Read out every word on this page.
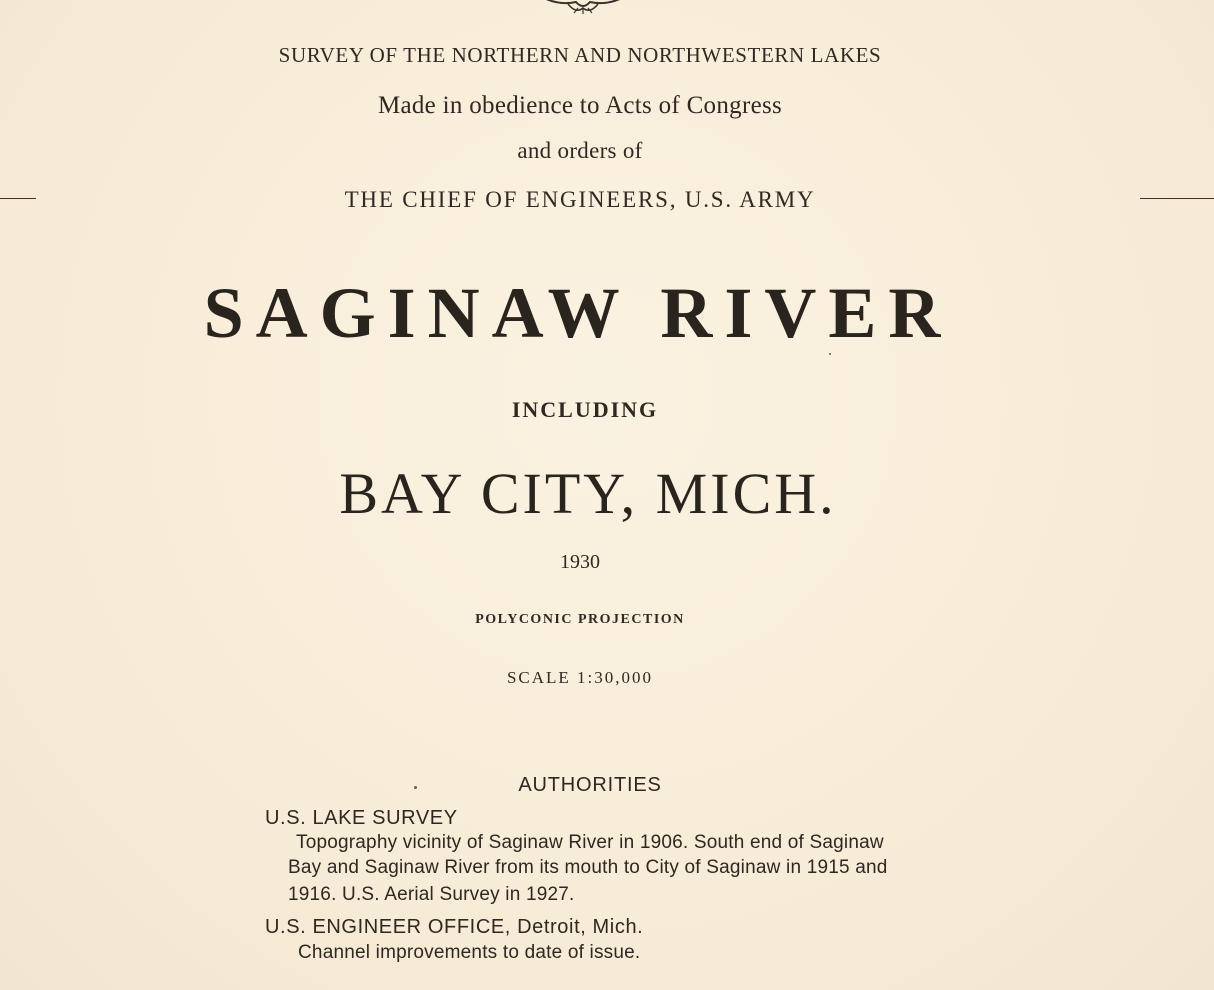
SURVEY OF THE NORTHERN AND NORTHWESTERN LAKES
Made in obedience to Acts of Congress
and orders of
THE CHIEF OF ENGINEERS, U.S. ARMY
SAGINAW RIVER
INCLUDING
BAY CITY, MICH.
1930
POLYCONIC PROJECTION
SCALE 1:30,000
AUTHORITIES
U.S. LAKE SURVEY
Topography vicinity of Saginaw River in 1906. South end of Saginaw
Bay and Saginaw River from its mouth to City of Saginaw in 1915 and
1916. U.S. Aerial Survey in 1927.
U.S. ENGINEER OFFICE, Detroit, Mich.
Channel improvements to date of issue.
